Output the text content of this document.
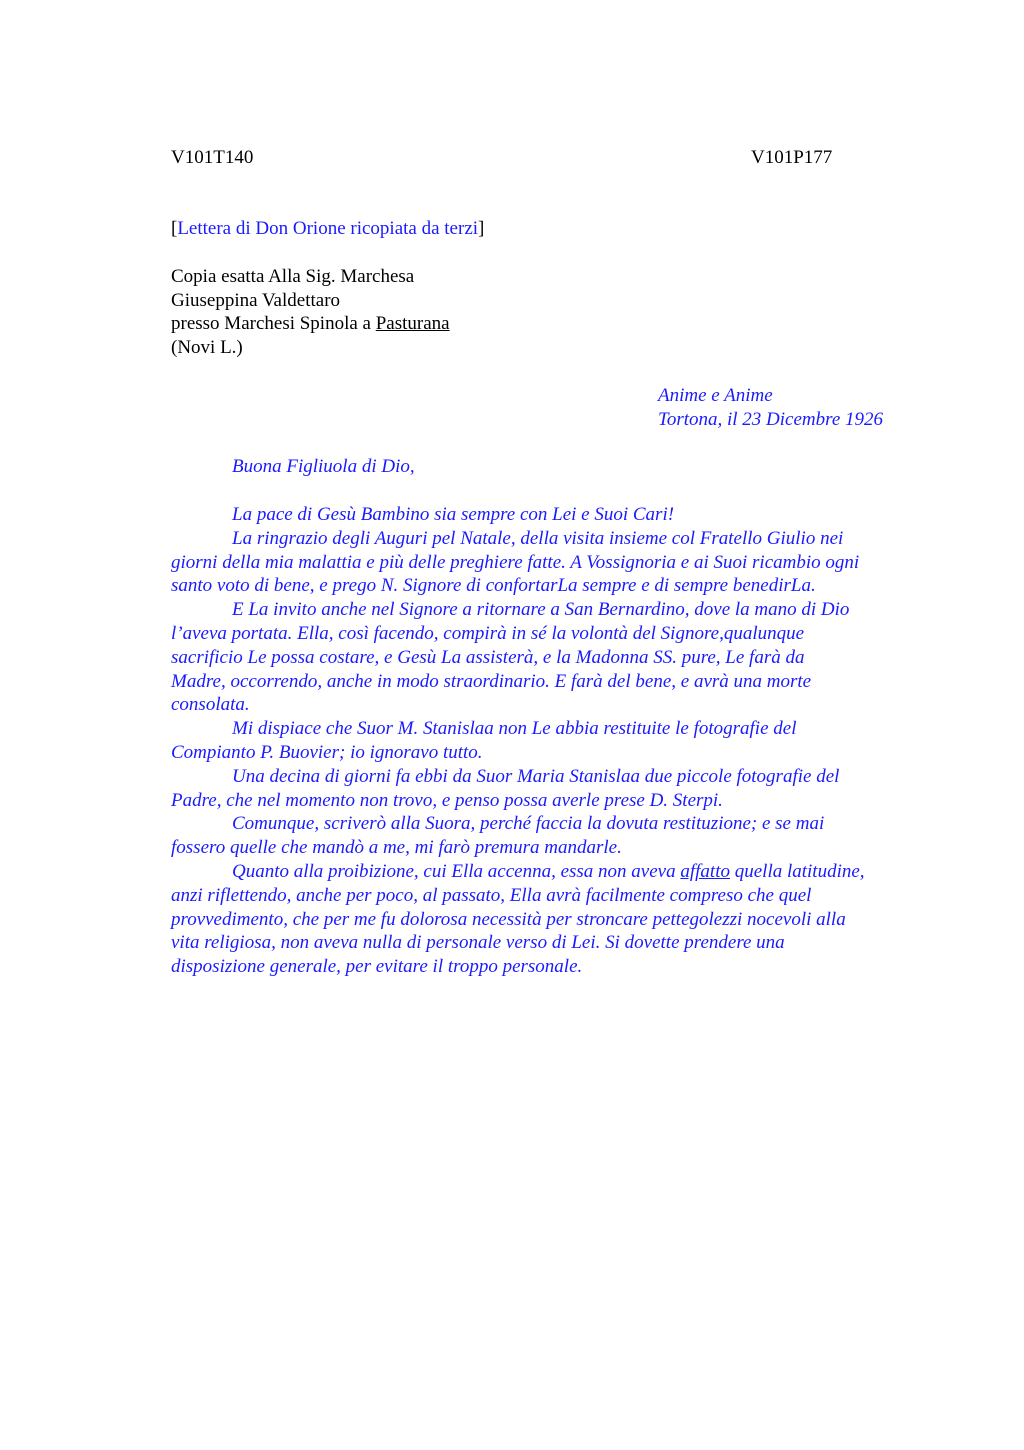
V101T140	V101P177
[Lettera di Don Orione ricopiata da terzi]
Copia esatta Alla Sig. Marchesa
Giuseppina Valdettaro
presso Marchesi Spinola a Pasturana
(Novi L.)
Anime e Anime
Tortona, il 23 Dicembre 1926
Buona Figliuola di Dio,
La pace di Gesù Bambino sia sempre con Lei e Suoi Cari!
La ringrazio degli Auguri pel Natale, della visita insieme col Fratello Giulio nei
giorni della mia malattia e più delle preghiere fatte. A Vossignoria e ai Suoi ricambio ogni
santo voto di bene, e prego N. Signore di confortarLa sempre e di sempre benedirLa.
E La invito anche nel Signore a ritornare a San Bernardino, dove la mano di Dio
l’aveva portata. Ella, così facendo, compirà in sé la volontà del Signore,qualunque
sacrificio Le possa costare, e Gesù La assisterà, e la Madonna SS. pure, Le farà da
Madre, occorrendo, anche in modo straordinario. E farà del bene, e avrà una morte
consolata.
Mi dispiace che Suor M. Stanislaa non Le abbia restituite le fotografie del
Compianto P. Buovier; io ignoravo tutto.
Una decina di giorni fa ebbi da Suor Maria Stanislaa due piccole fotografie del
Padre, che nel momento non trovo, e penso possa averle prese D. Sterpi.
Comunque, scriverò alla Suora, perché faccia la dovuta restituzione; e se mai
fossero quelle che mandò a me, mi farò premura mandarle.
Quanto alla proibizione, cui Ella accenna, essa non aveva affatto quella latitudine,
anzi riflettendo, anche per poco, al passato, Ella avrà facilmente compreso che quel
provvedimento, che per me fu dolorosa necessità per stroncare pettegolezzi nocevoli alla
vita religiosa, non aveva nulla di personale verso di Lei. Si dovette prendere una
disposizione generale, per evitare il troppo personale.
